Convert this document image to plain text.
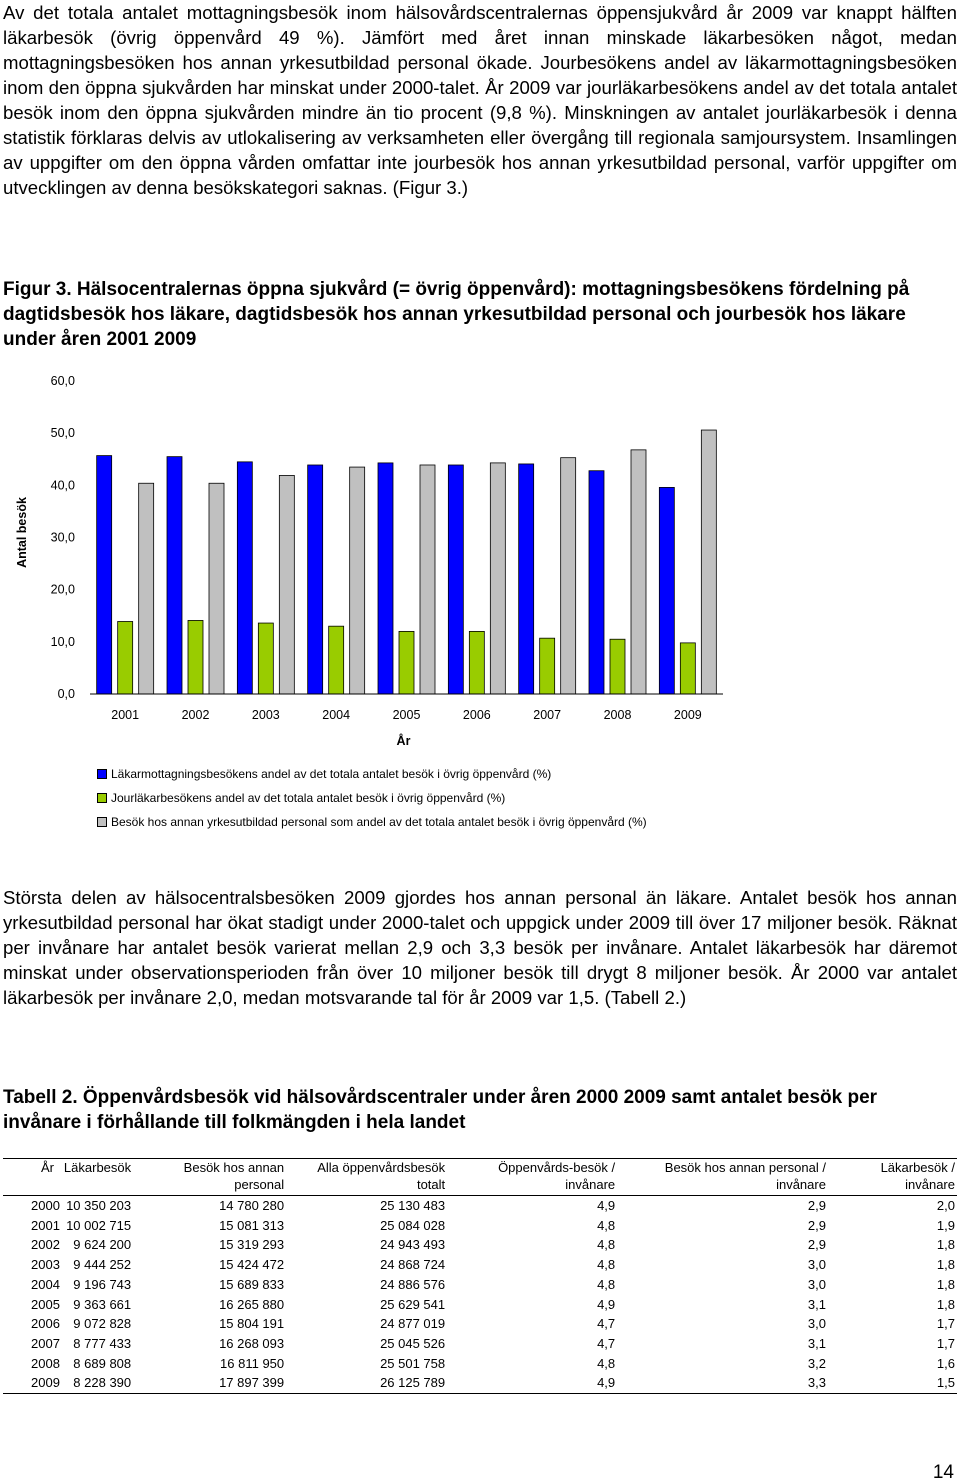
Av det totala antalet mottagningsbesök inom hälsovårdscentralernas öppensjukvård år 2009 var knappt hälften läkarbesök (övrig öppenvård 49 %). Jämfört med året innan minskade läkarbesöken något, medan mottagningsbesöken hos annan yrkesutbildad personal ökade. Jourbesökens andel av läkarmottagningsbesöken inom den öppna sjukvården har minskat under 2000-talet. År 2009 var jourläkarbesökens andel av det totala antalet besök inom den öppna sjukvården mindre än tio procent (9,8 %). Minskningen av antalet jourläkarbesök i denna statistik förklaras delvis av utlokalisering av verksamheten eller övergång till regionala samjoursystem. Insamlingen av uppgifter om den öppna vården omfattar inte jourbesök hos annan yrkesutbildad personal, varför uppgifter om utvecklingen av denna besökskategori saknas. (Figur 3.)

Figur 3. Hälsocentralernas öppna sjukvård (= övrig öppenvård): mottagningsbesökens fördelning på dagtidsbesök hos läkare, dagtidsbesök hos annan yrkesutbildad personal och jourbesök hos läkare under åren 2001 2009

0,0
10,0
20,0
30,0
40,0
50,0
60,0
2001	2002	2003	2004	2005	2006	2007	2008	2009
Antal besök
År
Läkarmottagningsbesökens andel av det totala antalet besök i övrig öppenvård (%)
Jourläkarbesökens andel av det totala antalet besök i övrig öppenvård (%)
Besök hos annan yrkesutbildad personal som andel av det totala antalet besök i övrig öppenvård (%)

Största delen av hälsocentralsbesöken 2009 gjordes hos annan personal än läkare. Antalet besök hos annan yrkesutbildad personal har ökat stadigt under 2000-talet och uppgick under 2009 till över 17 miljoner besök. Räknat per invånare har antalet besök varierat mellan 2,9 och 3,3 besök per invånare. Antalet läkarbesök har däremot minskat under observationsperioden från över 10 miljoner besök till drygt 8 miljoner besök. År 2000 var antalet läkarbesök per invånare 2,0, medan motsvarande tal för år 2009 var 1,5. (Tabell 2.)

Tabell 2. Öppenvårdsbesök vid hälsovårdscentraler under åren 2000 2009 samt antalet besök per invånare i förhållande till folkmängden i hela landet

År	Läkarbesök	Besök hos annan personal	Alla öppenvårdsbesök totalt	Öppenvårds-besök / invånare	Besök hos annan personal / invånare	Läkarbesök / invånare
2000	10 350 203	14 780 280	25 130 483	4,9	2,9	2,0
2001	10 002 715	15 081 313	25 084 028	4,8	2,9	1,9
2002	9 624 200	15 319 293	24 943 493	4,8	2,9	1,8
2003	9 444 252	15 424 472	24 868 724	4,8	3,0	1,8
2004	9 196 743	15 689 833	24 886 576	4,8	3,0	1,8
2005	9 363 661	16 265 880	25 629 541	4,9	3,1	1,8
2006	9 072 828	15 804 191	24 877 019	4,7	3,0	1,7
2007	8 777 433	16 268 093	25 045 526	4,7	3,1	1,7
2008	8 689 808	16 811 950	25 501 758	4,8	3,2	1,6
2009	8 228 390	17 897 399	26 125 789	4,9	3,3	1,5
14
